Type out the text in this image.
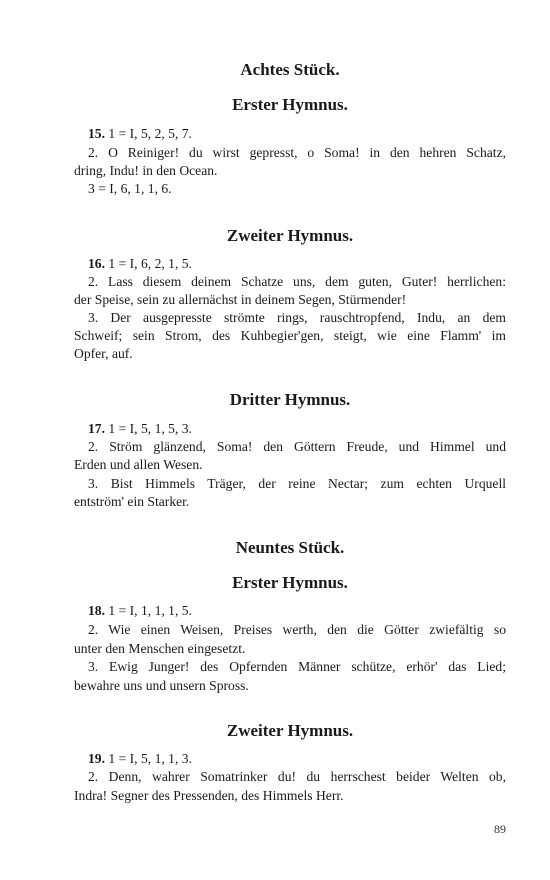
Achtes Stück.
Erster Hymnus.
15. 1 = I, 5, 2, 5, 7.
2. O Reiniger! du wirst gepresst, o Soma! in den hehren Schatz,
dring, Indu! in den Ocean.
3 = I, 6, 1, 1, 6.
Zweiter Hymnus.
16. 1 = I, 6, 2, 1, 5.
2. Lass diesem deinem Schatze uns, dem guten, Guter! herrlichen:
der Speise, sein zu allernächst in deinem Segen, Stürmender!
3. Der ausgepresste strömte rings, rauschtropfend, Indu, an dem
Schweif; sein Strom, des Kuhbegier'gen, steigt, wie eine Flamm' im
Opfer, auf.
Dritter Hymnus.
17. 1 = I, 5, 1, 5, 3.
2. Ström glänzend, Soma! den Göttern Freude, und Himmel und
Erden und allen Wesen.
3. Bist Himmels Träger, der reine Nectar; zum echten Urquell
entström' ein Starker.
Neuntes Stück.
Erster Hymnus.
18. 1 = I, 1, 1, 1, 5.
2. Wie einen Weisen, Preises werth, den die Götter zwiefältig so
unter den Menschen eingesetzt.
3. Ewig Junger! des Opfernden Männer schütze, erhör' das Lied;
bewahre uns und unsern Spross.
Zweiter Hymnus.
19. 1 = I, 5, 1, 1, 3.
2. Denn, wahrer Somatrinker du! du herrschest beider Welten ob,
Indra! Segner des Pressenden, des Himmels Herr.
89
